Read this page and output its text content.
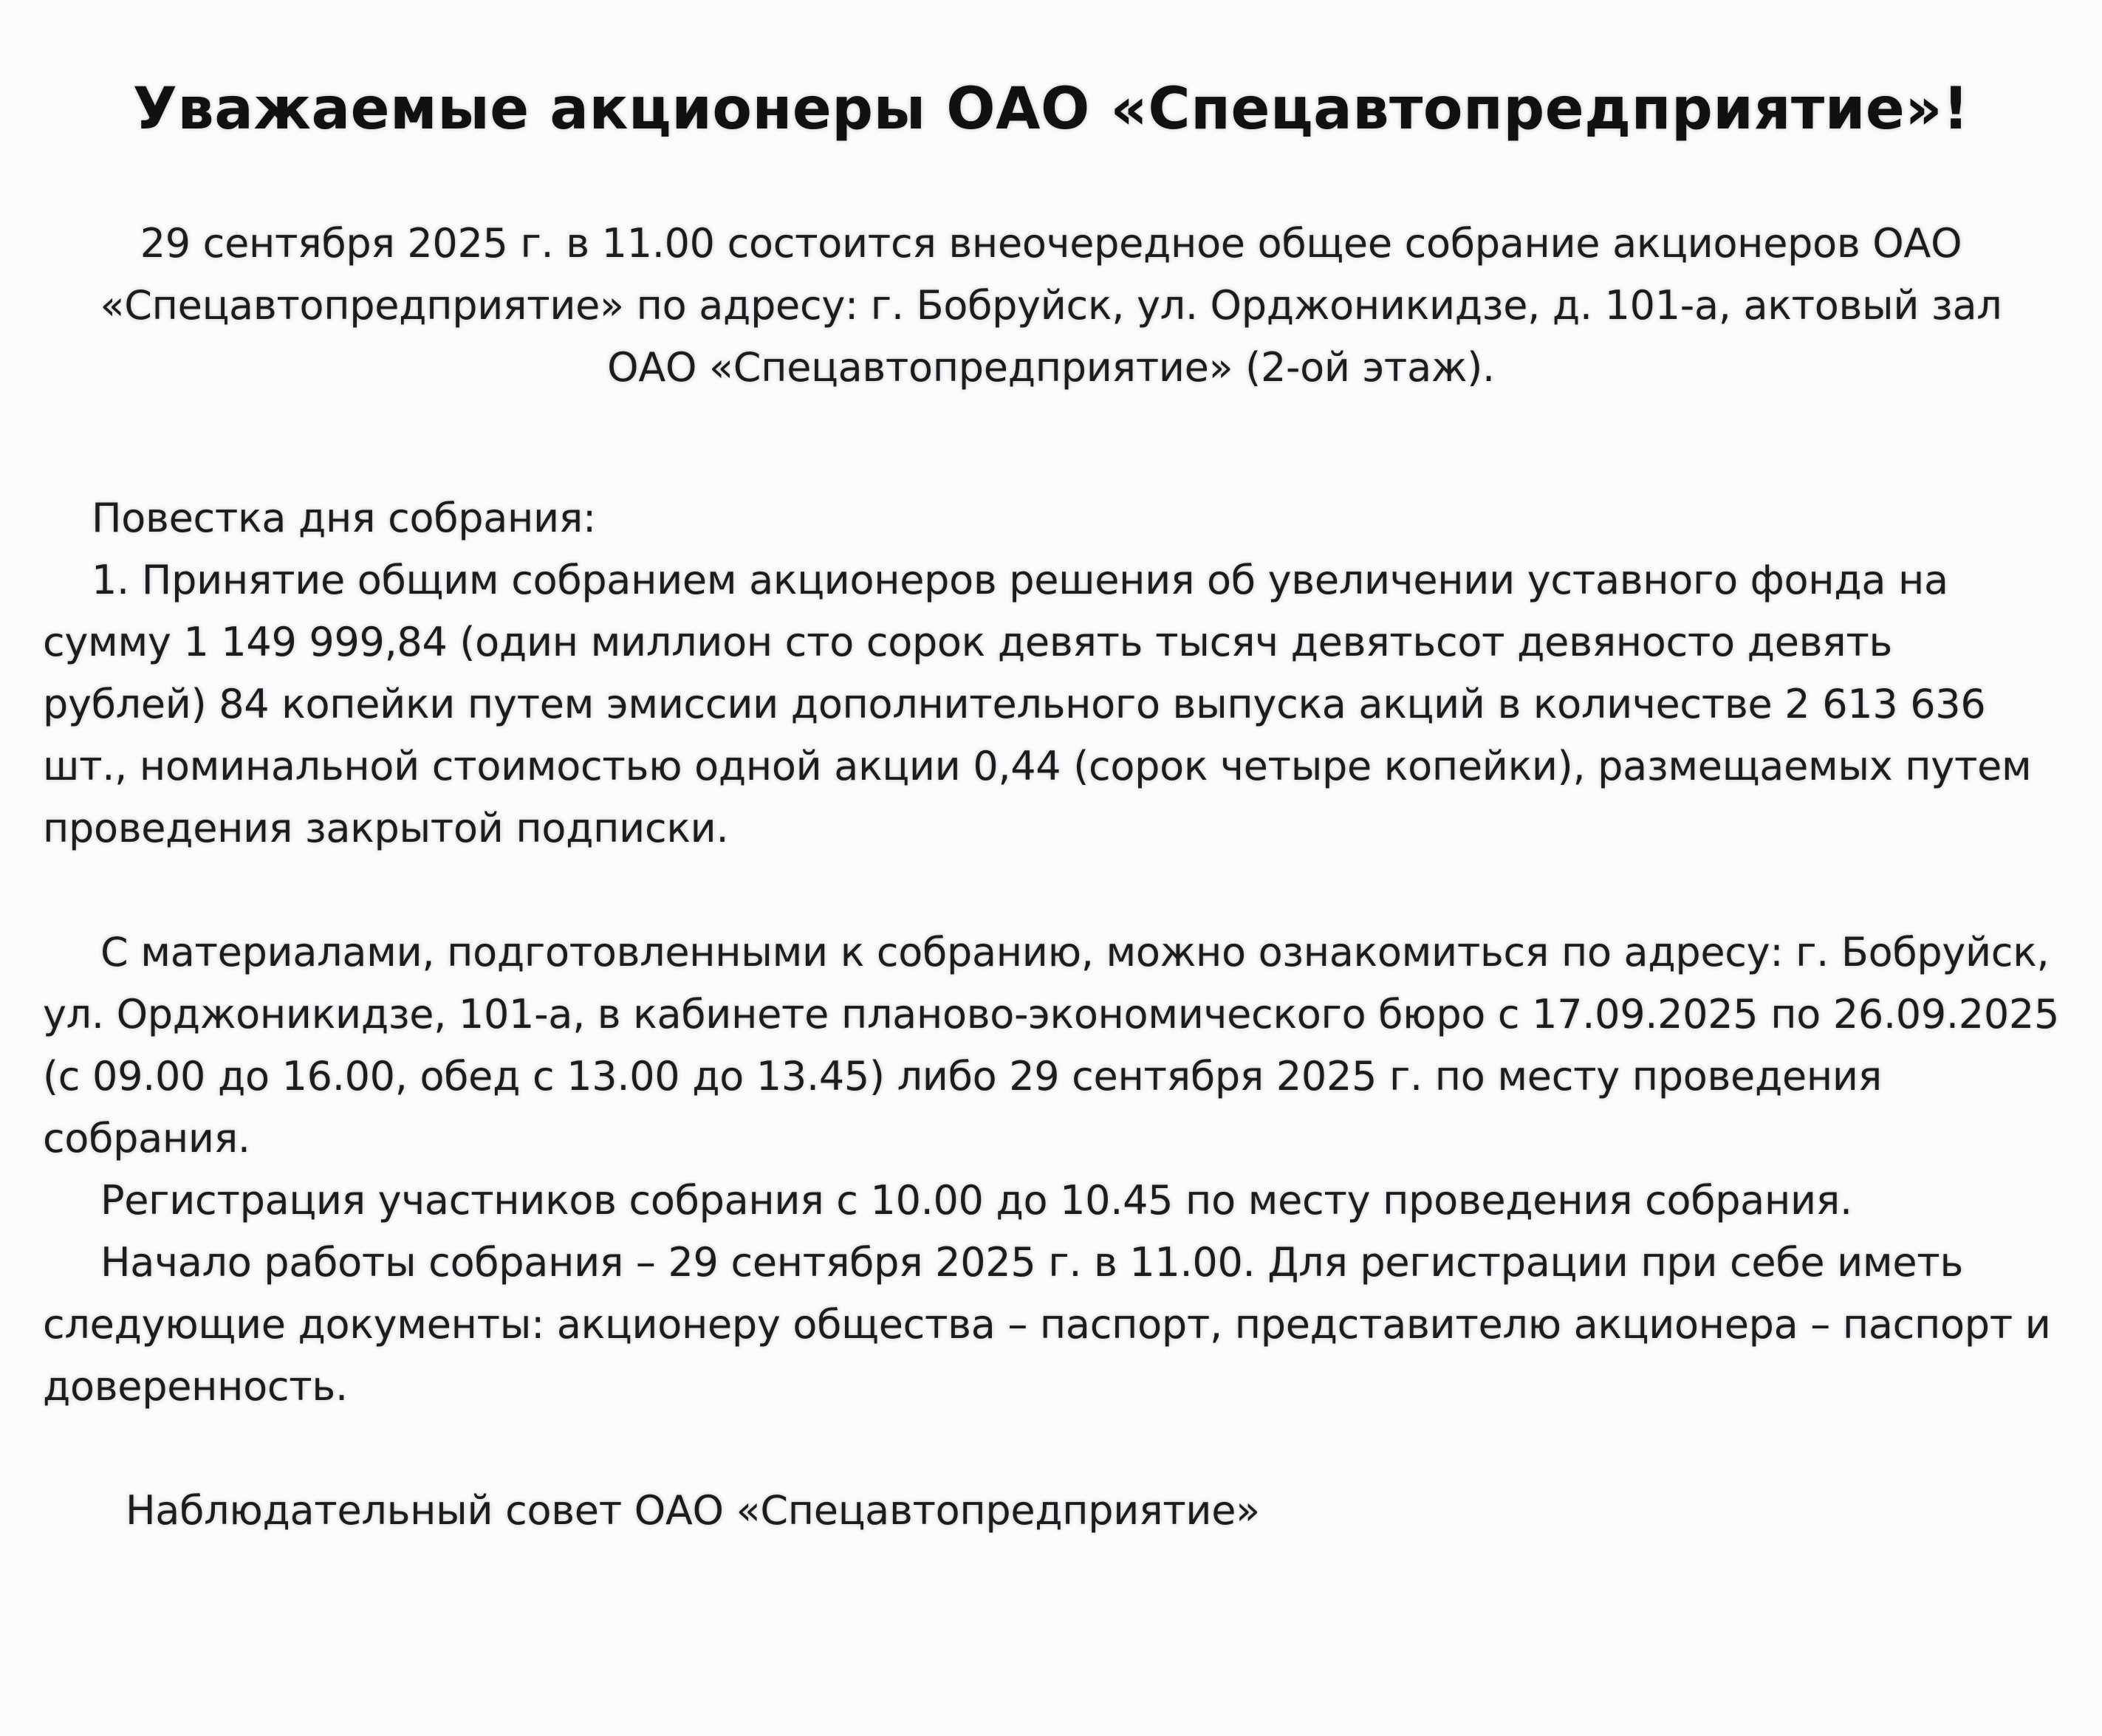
Уважаемые акционеры ОАО «Спецавтопредприятие»!

29 сентября 2025 г. в 11.00 состоится внеочередное общее собрание акционеров ОАО «Спецавтопредприятие» по адресу: г. Бобруйск, ул. Орджоникидзе, д. 101-а, актовый зал ОАО «Спецавтопредприятие» (2-ой этаж).

Повестка дня собрания:

1. Принятие общим собранием акционеров решения об увеличении уставного фонда на сумму 1 149 999,84 (один миллион сто сорок девять тысяч девятьсот девяносто девять рублей) 84 копейки путем эмиссии дополнительного выпуска акций в количестве 2 613 636 шт., номинальной стоимостью одной акции 0,44 (сорок четыре копейки), размещаемых путем проведения закрытой подписки.

С материалами, подготовленными к собранию, можно ознакомиться по адресу: г. Бобруйск, ул. Орджоникидзе, 101-а, в кабинете планово-экономического бюро с 17.09.2025 по 26.09.2025 (с 09.00 до 16.00, обед с 13.00 до 13.45) либо 29 сентября 2025 г. по месту проведения собрания.

Регистрация участников собрания с 10.00 до 10.45 по месту проведения собрания.

Начало работы собрания – 29 сентября 2025 г. в 11.00. Для регистрации при себе иметь следующие документы: акционеру общества – паспорт, представителю акционера – паспорт и доверенность.

Наблюдательный совет ОАО «Спецавтопредприятие»
